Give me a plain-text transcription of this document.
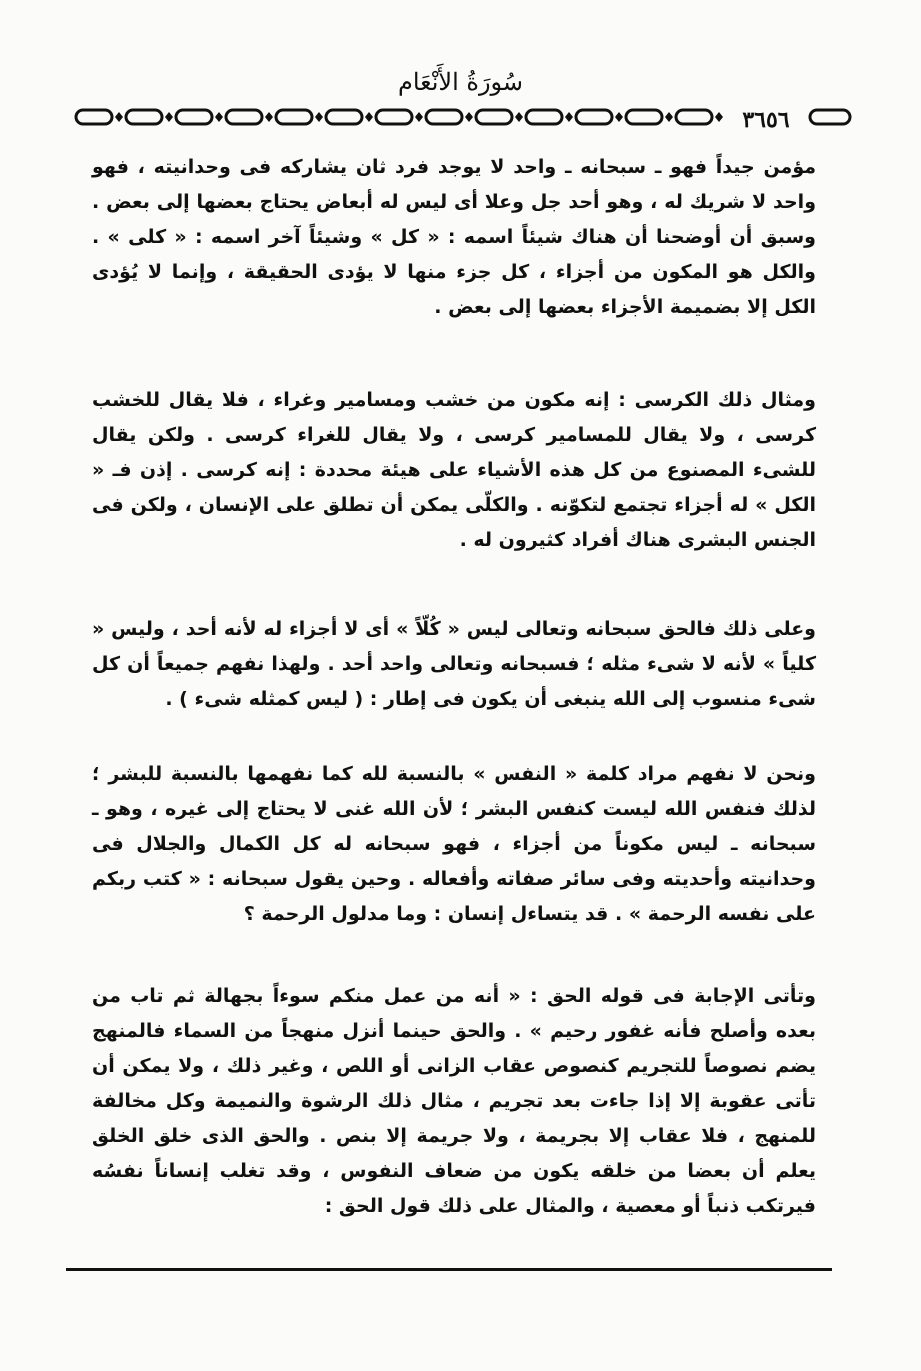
سُورَةُ الأَنْعَام
٣٦٥٦
مؤمن جيداً فهو ـ سبحانه ـ واحد لا يوجد فرد ثان يشاركه فى وحدانيته ، فهو واحد لا شريك له ، وهو أحد جل وعلا أى ليس له أبعاض يحتاج بعضها إلى بعض . وسبق أن أوضحنا أن هناك شيئاً اسمه : « كل » وشيئاً آخر اسمه : « كلى » . والكل هو المكون من أجزاء ، كل جزء منها لا يؤدى الحقيقة ، وإنما لا يُؤدى الكل إلا بضميمة الأجزاء بعضها إلى بعض .
ومثال ذلك الكرسى : إنه مكون من خشب ومسامير وغراء ، فلا يقال للخشب كرسى ، ولا يقال للمسامير كرسى ، ولا يقال للغراء كرسى . ولكن يقال للشىء المصنوع من كل هذه الأشياء على هيئة محددة : إنه كرسى . إذن فـ « الكل » له أجزاء تجتمع لتكوّنه . والكلّى يمكن أن تطلق على الإنسان ، ولكن فى الجنس البشرى هناك أفراد كثيرون له .
وعلى ذلك فالحق سبحانه وتعالى ليس « كُلّاً » أى لا أجزاء له لأنه أحد ، وليس « كلياً » لأنه لا شىء مثله ؛ فسبحانه وتعالى واحد أحد . ولهذا نفهم جميعاً أن كل شىء منسوب إلى الله ينبغى أن يكون فى إطار : ( ليس كمثله شىء ) .
ونحن لا نفهم مراد كلمة « النفس » بالنسبة لله كما نفهمها بالنسبة للبشر ؛ لذلك فنفس الله ليست كنفس البشر ؛ لأن الله غنى لا يحتاج إلى غيره ، وهو ـ سبحانه ـ ليس مكوناً من أجزاء ، فهو سبحانه له كل الكمال والجلال فى وحدانيته وأحديته وفى سائر صفاته وأفعاله . وحين يقول سبحانه : « كتب ربكم على نفسه الرحمة » . قد يتساءل إنسان : وما مدلول الرحمة ؟
وتأتى الإجابة فى قوله الحق : « أنه من عمل منكم سوءاً بجهالة ثم تاب من بعده وأصلح فأنه غفور رحيم » . والحق حينما أنزل منهجاً من السماء فالمنهج يضم نصوصاً للتجريم كنصوص عقاب الزانى أو اللص ، وغير ذلك ، ولا يمكن أن تأتى عقوبة إلا إذا جاءت بعد تجريم ، مثال ذلك الرشوة والنميمة وكل مخالفة للمنهج ، فلا عقاب إلا بجريمة ، ولا جريمة إلا بنص . والحق الذى خلق الخلق يعلم أن بعضا من خلقه يكون من ضعاف النفوس ، وقد تغلب إنساناً نفسُه فيرتكب ذنباً أو معصية ، والمثال على ذلك قول الحق :
